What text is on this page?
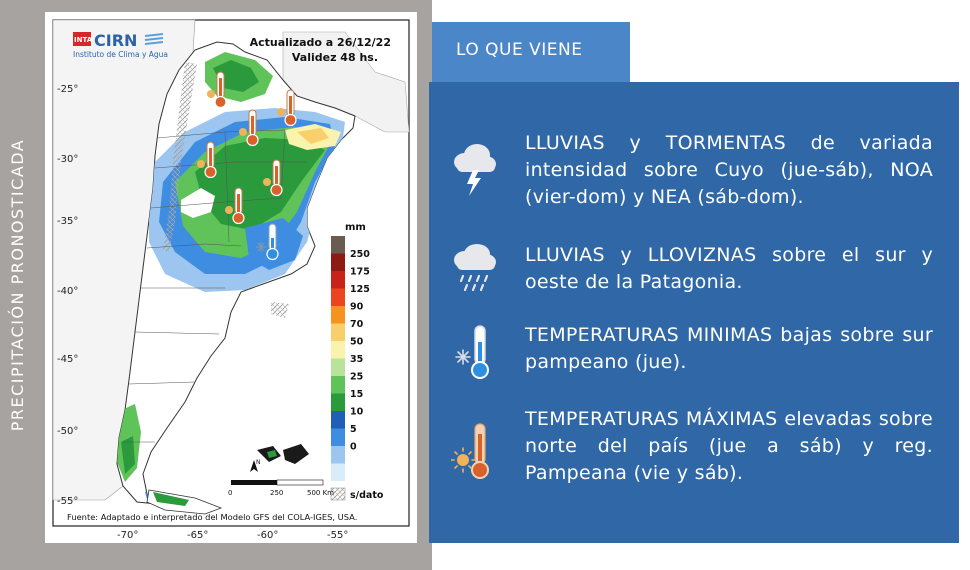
PRECIPITACIÓN PRONOSTICADA
-25°
-30°
-35°
-40°
-45°
-50°
-55°
-70°	-65°	-60°	-55°
INTA CIRN
Instituto de Clima y Agua
Actualizado a 26/12/22
Validez 48 hs.
mm
250
175
125
90
70
50
35
25
15
10
5
0
s/dato
0	250	500 Km
N
Fuente: Adaptado e interpretado del Modelo GFS del COLA-IGES, USA.
LO QUE VIENE
LLUVIAS y TORMENTAS de variada intensidad sobre Cuyo (jue-sáb), NOA (vier-dom) y NEA (sáb-dom).
LLUVIAS y LLOVIZNAS sobre el sur y oeste de la Patagonia.
TEMPERATURAS MINIMAS bajas sobre sur pampeano (jue).
TEMPERATURAS MÁXIMAS elevadas sobre norte del país (jue a sáb) y reg. Pampeana (vie y sáb).
